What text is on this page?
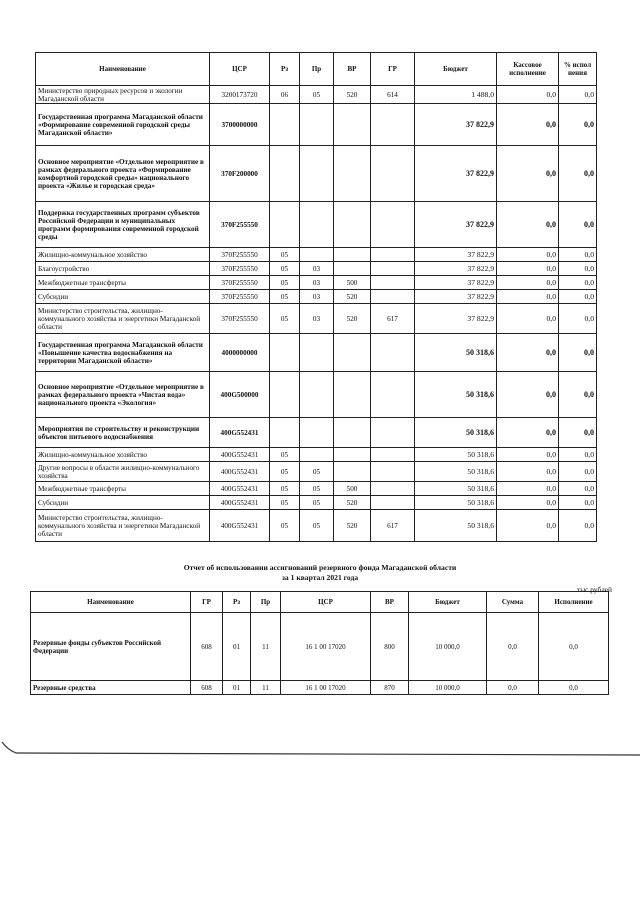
Наименование	ЦСР	Рз	Пр	ВР	ГР	Бюджет	Кассовое исполнение	% испол нения
Министерство природных ресурсов и экологии Магаданской области	3200173720	06	05	520	614	1 488,0	0,0	0,0
Государственная программа Магаданской области «Формирование современной городской среды Магаданской области»	3700000000					37 822,9	0,0	0,0
Основное мероприятие «Отдельное мероприятие в рамках федерального проекта «Формирование комфортной городской среды» национального проекта «Жилье и городская среда»	370F200000					37 822,9	0,0	0,0
Поддержка государственных программ субъектов Российской Федерации и муниципальных программ формирования современной городской среды	370F255550					37 822,9	0,0	0,0
Жилищно-коммунальное хозяйство	370F255550	05				37 822,9	0,0	0,0
Благоустройство	370F255550	05	03			37 822,9	0,0	0,0
Межбюджетные трансферты	370F255550	05	03	500		37 822,9	0,0	0,0
Субсидии	370F255550	05	03	520		37 822,9	0,0	0,0
Министерство строительства, жилищно-коммунального хозяйства и энергетики Магаданской области	370F255550	05	03	520	617	37 822,9	0,0	0,0
Государственная программа Магаданской области «Повышение качества водоснабжения на территории Магаданской области»	4000000000					50 318,6	0,0	0,0
Основное мероприятие «Отдельное мероприятие в рамках федерального проекта «Чистая вода» национального проекта «Экология»	400G500000					50 318,6	0,0	0,0
Мероприятия по строительству и реконструкции объектов питьевого водоснабжения	400G552431					50 318,6	0,0	0,0
Жилищно-коммунальное хозяйство	400G552431	05				50 318,6	0,0	0,0
Другие вопросы в области жилищно-коммунального хозяйства	400G552431	05	05			50 318,6	0,0	0,0
Межбюджетные трансферты	400G552431	05	05	500		50 318,6	0,0	0,0
Субсидии	400G552431	05	05	520		50 318,6	0,0	0,0
Министерство строительства, жилищно-коммунального хозяйства и энергетики Магаданской области	400G552431	05	05	520	617	50 318,6	0,0	0,0
Отчет об использовании ассигнований резервного фонда Магаданской области
за 1 квартал 2021 года
тыс.рублей
Наименование	ГР	Рз	Пр	ЦСР	ВР	Бюджет	Сумма	Исполнение
Резервные фонды субъектов Российской Федерации	608	01	11	16 1 00 17020	800	10 000,0	0,0	0,0
Резервные средства	608	01	11	16 1 00 17020	870	10 000,0	0,0	0,0
